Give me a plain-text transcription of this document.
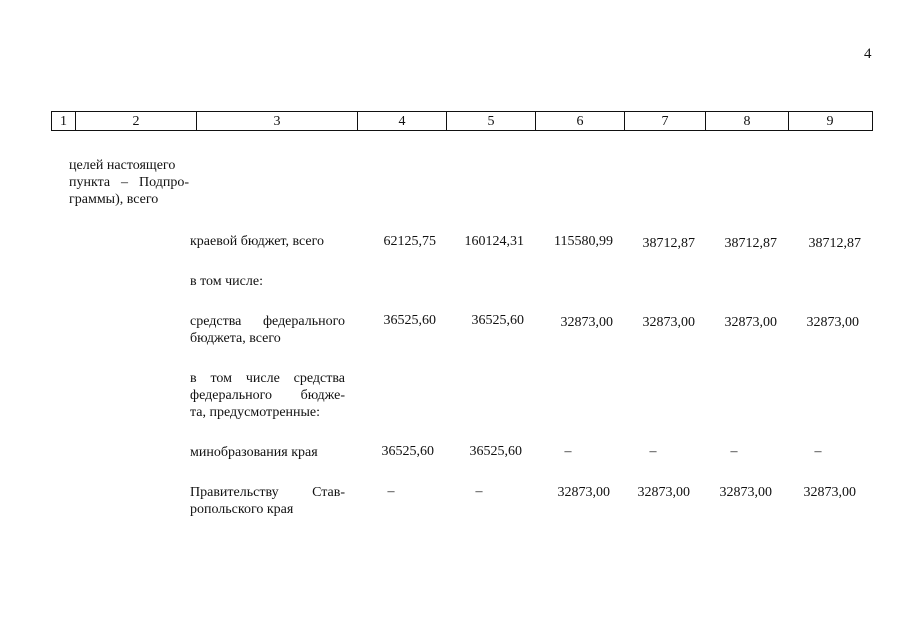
4
1	2	3	4	5	6	7	8	9
целей настоящего
пункта – Подпро-
граммы), всего
краевой бюджет, всего	62125,75	160124,31	115580,99	38712,87	38712,87	38712,87
в том числе:
средства федерального
бюджета, всего
36525,60	36525,60	32873,00	32873,00	32873,00	32873,00
в том числе средства
федерального бюдже-
та, предусмотренные:
минобразования края	36525,60	36525,60	–	–	–	–
Правительству Став-
ропольского края
–	–	32873,00	32873,00	32873,00	32873,00
